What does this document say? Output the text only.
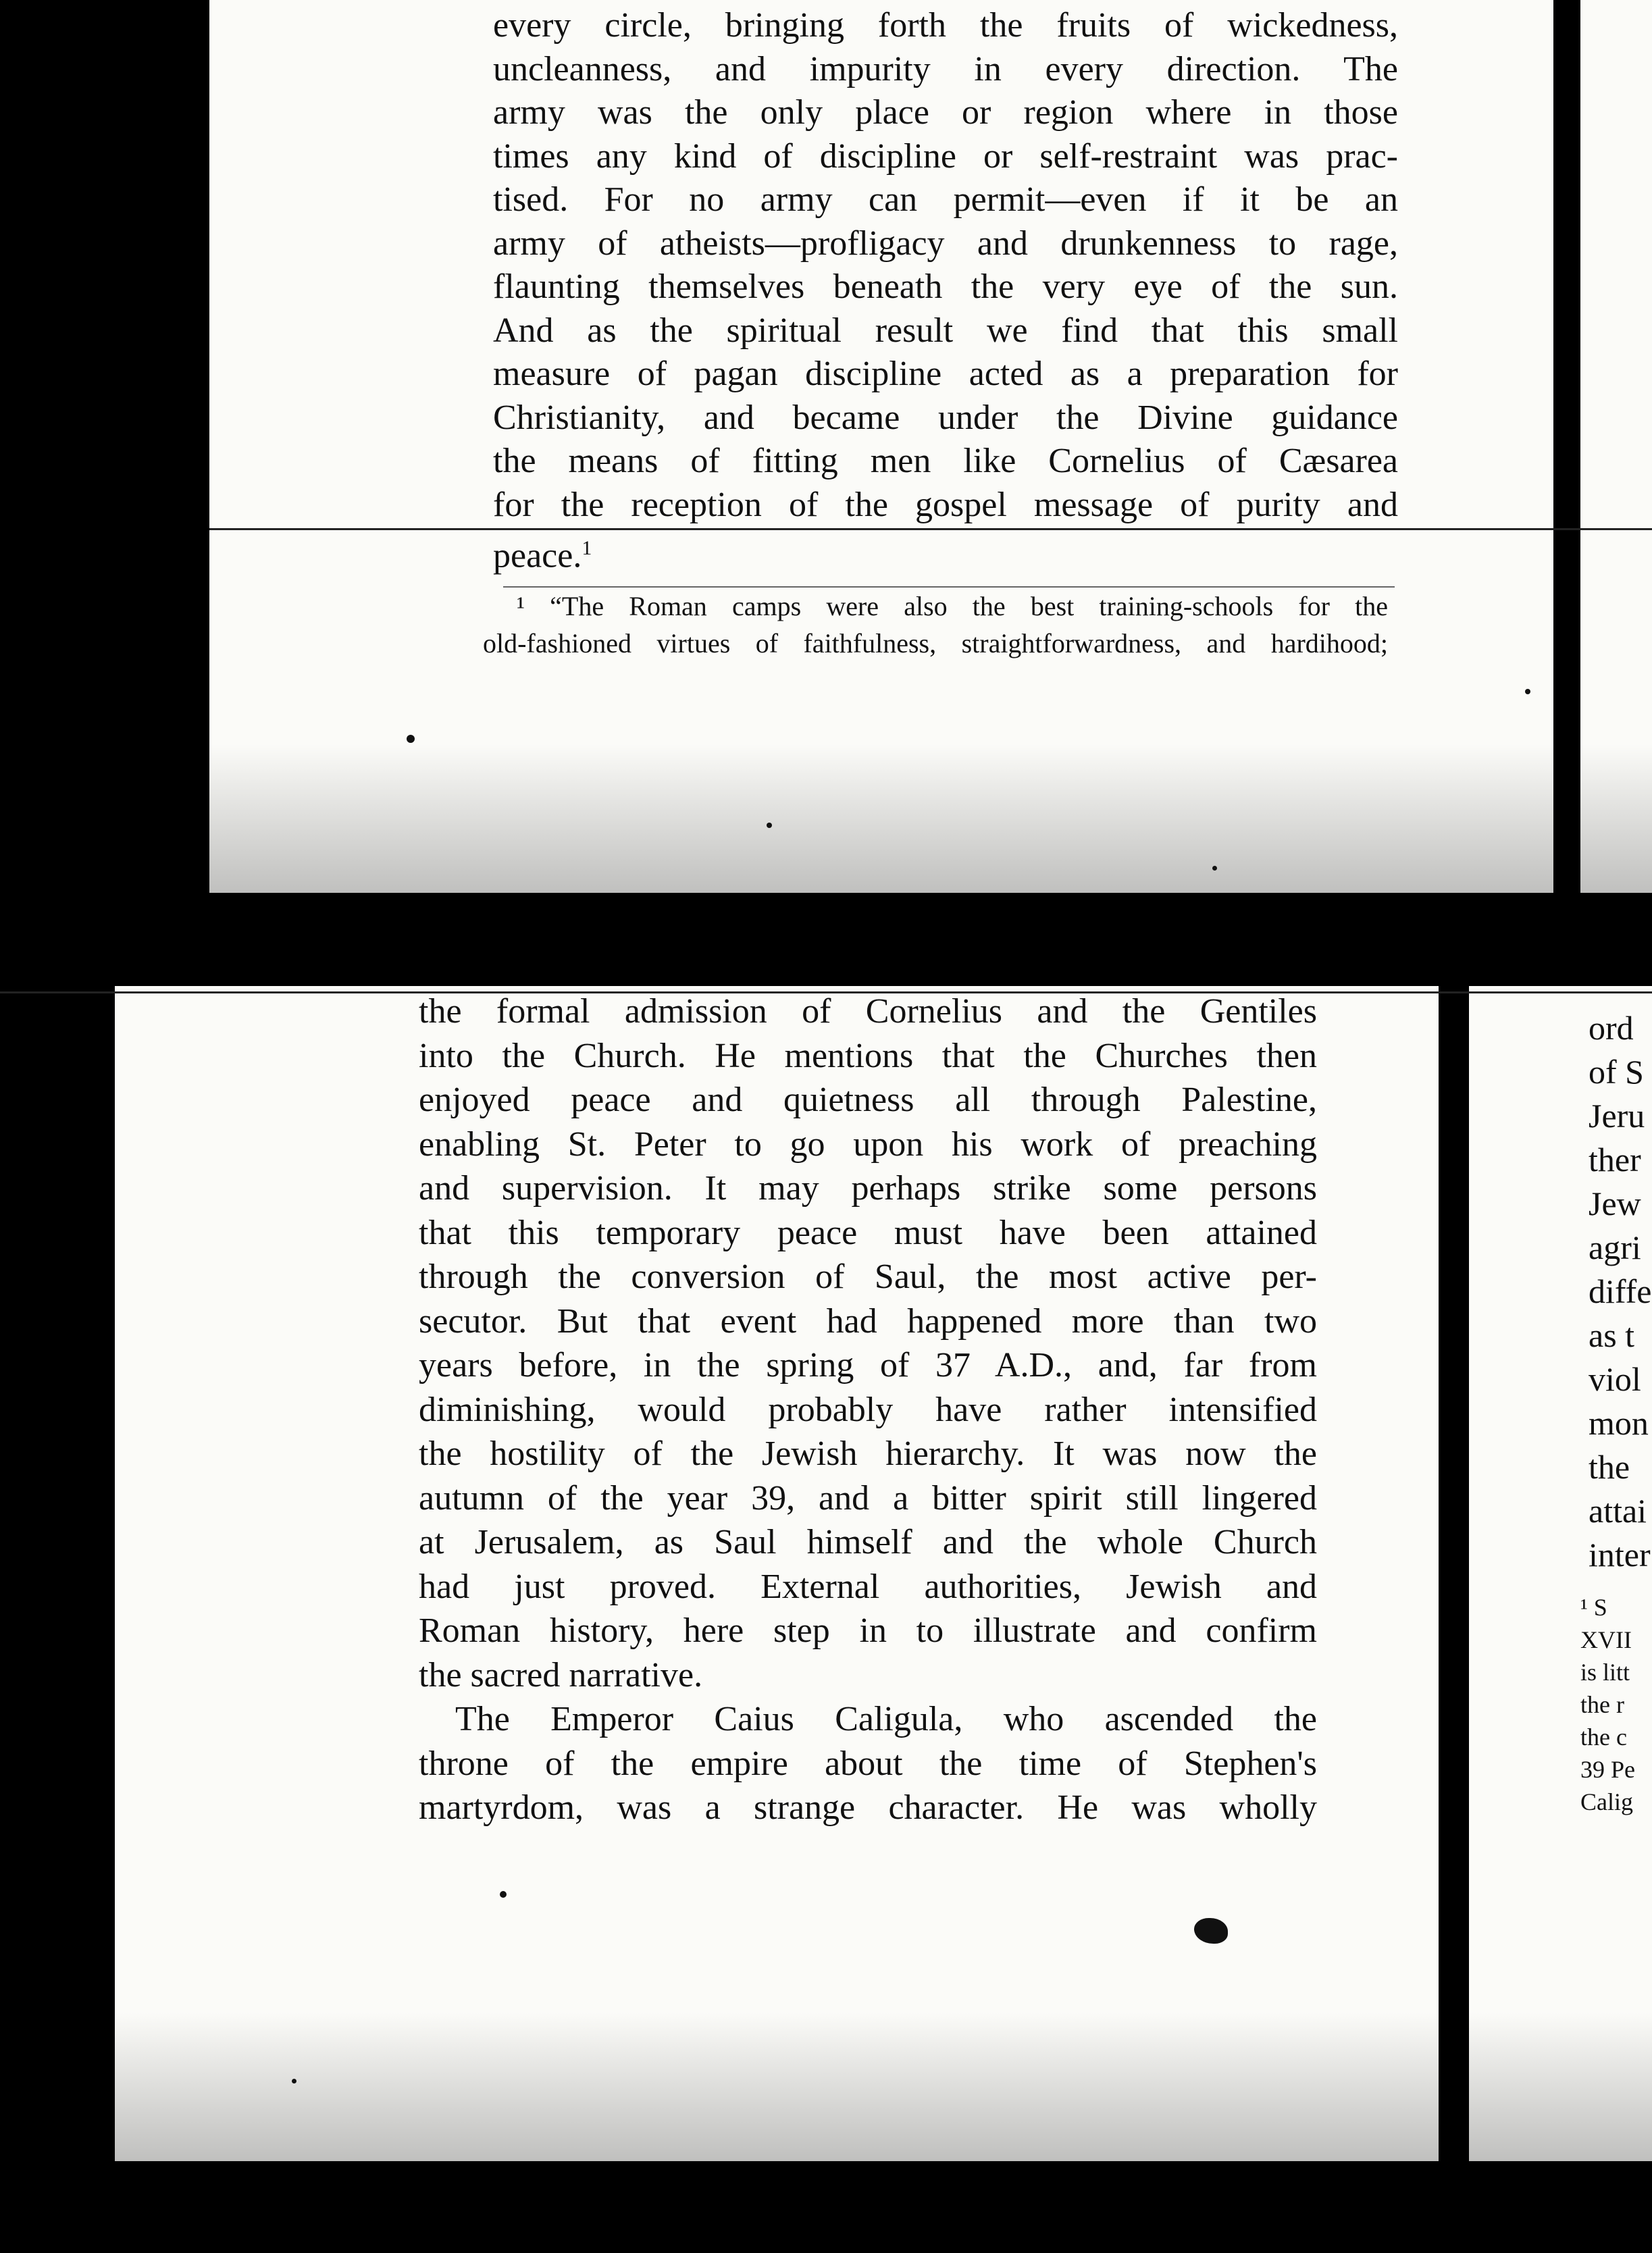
every circle, bringing forth the fruits of wickedness,
uncleanness, and impurity in every direction. The
army was the only place or region where in those
times any kind of discipline or self-restraint was prac-
tised. For no army can permit—even if it be an
army of atheists—profligacy and drunkenness to rage,
flaunting themselves beneath the very eye of the sun.
And as the spiritual result we find that this small
measure of pagan discipline acted as a preparation for
Christianity, and became under the Divine guidance
the means of fitting men like Cornelius of Cæsarea
for the reception of the gospel message of purity and
peace.$^1$
¹ “The Roman camps were also the best training-schools for the
old-fashioned virtues of faithfulness, straightforwardness, and hardihood;
the formal admission of Cornelius and the Gentiles
into the Church. He mentions that the Churches then
enjoyed peace and quietness all through Palestine,
enabling St. Peter to go upon his work of preaching
and supervision. It may perhaps strike some persons
that this temporary peace must have been attained
through the conversion of Saul, the most active per-
secutor. But that event had happened more than two
years before, in the spring of 37 A.D., and, far from
diminishing, would probably have rather intensified
the hostility of the Jewish hierarchy. It was now the
autumn of the year 39, and a bitter spirit still lingered
at Jerusalem, as Saul himself and the whole Church
had just proved. External authorities, Jewish and
Roman history, here step in to illustrate and confirm
the sacred narrative.
The Emperor Caius Caligula, who ascended the
throne of the empire about the time of Stephen's
martyrdom, was a strange character. He was wholly
ord
of S
Jeru
ther
Jew
agri
diffe
as t
viol
mon
the
attai
inter
¹ S
XVII
is litt
the r
the c
39 Pe
Calig
